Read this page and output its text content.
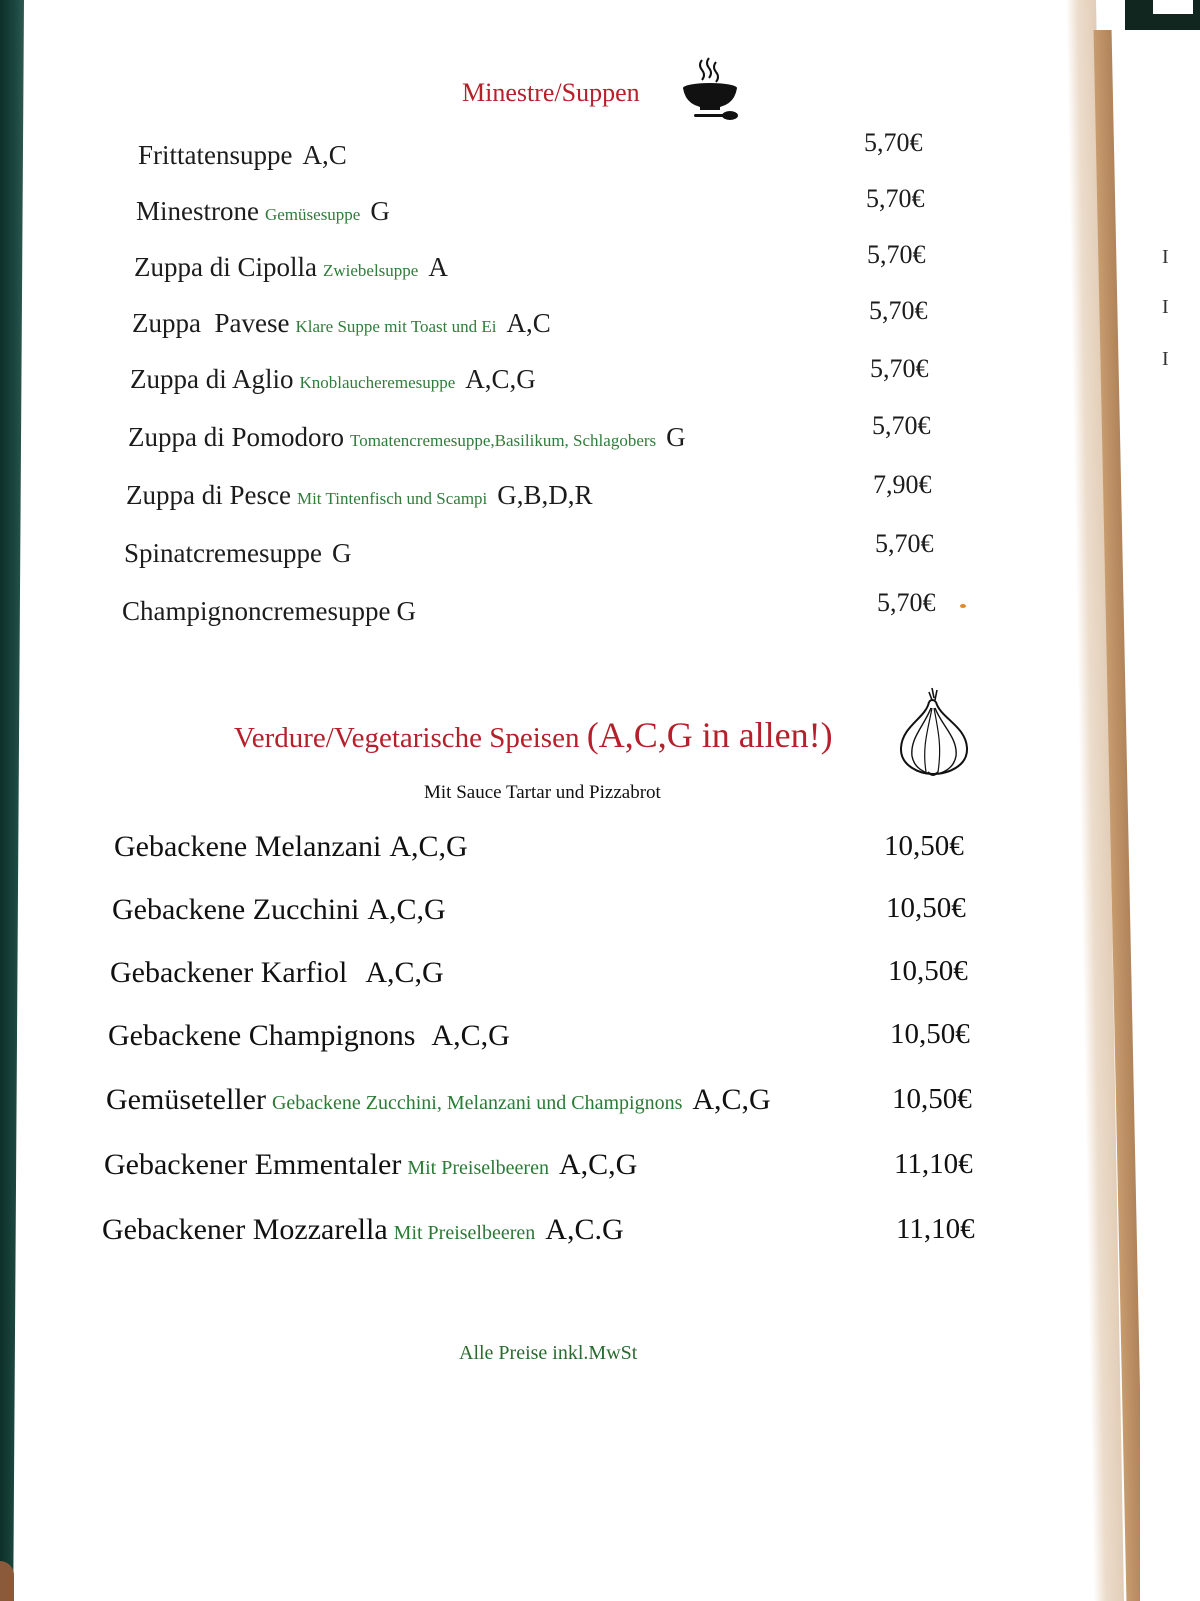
I
I
I
Minestre/Suppen
Frittatensuppe A,C	5,70€
Minestrone Gemüsesuppe G	5,70€
Zuppa di Cipolla Zwiebelsuppe A	5,70€
Zuppa  Pavese Klare Suppe mit Toast und Ei A,C	5,70€
Zuppa di Aglio Knoblaucheremesuppe A,C,G	5,70€
Zuppa di Pomodoro Tomatencremesuppe,Basilikum, Schlagobers G	5,70€
Zuppa di Pesce Mit Tintenfisch und Scampi G,B,D,R	7,90€
Spinatcremesuppe G	5,70€
Champignoncremesuppe G	5,70€
Verdure/Vegetarische Speisen (A,C,G in allen!)
Mit Sauce Tartar und Pizzabrot
Gebackene Melanzani A,C,G	10,50€
Gebackene Zucchini A,C,G	10,50€
Gebackener Karfiol A,C,G	10,50€
Gebackene Champignons A,C,G	10,50€
Gemüseteller Gebackene Zucchini, Melanzani und Champignons A,C,G	10,50€
Gebackener Emmentaler Mit Preiselbeeren A,C,G	11,10€
Gebackener Mozzarella Mit Preiselbeeren A,C.G	11,10€
Alle Preise inkl.MwSt
